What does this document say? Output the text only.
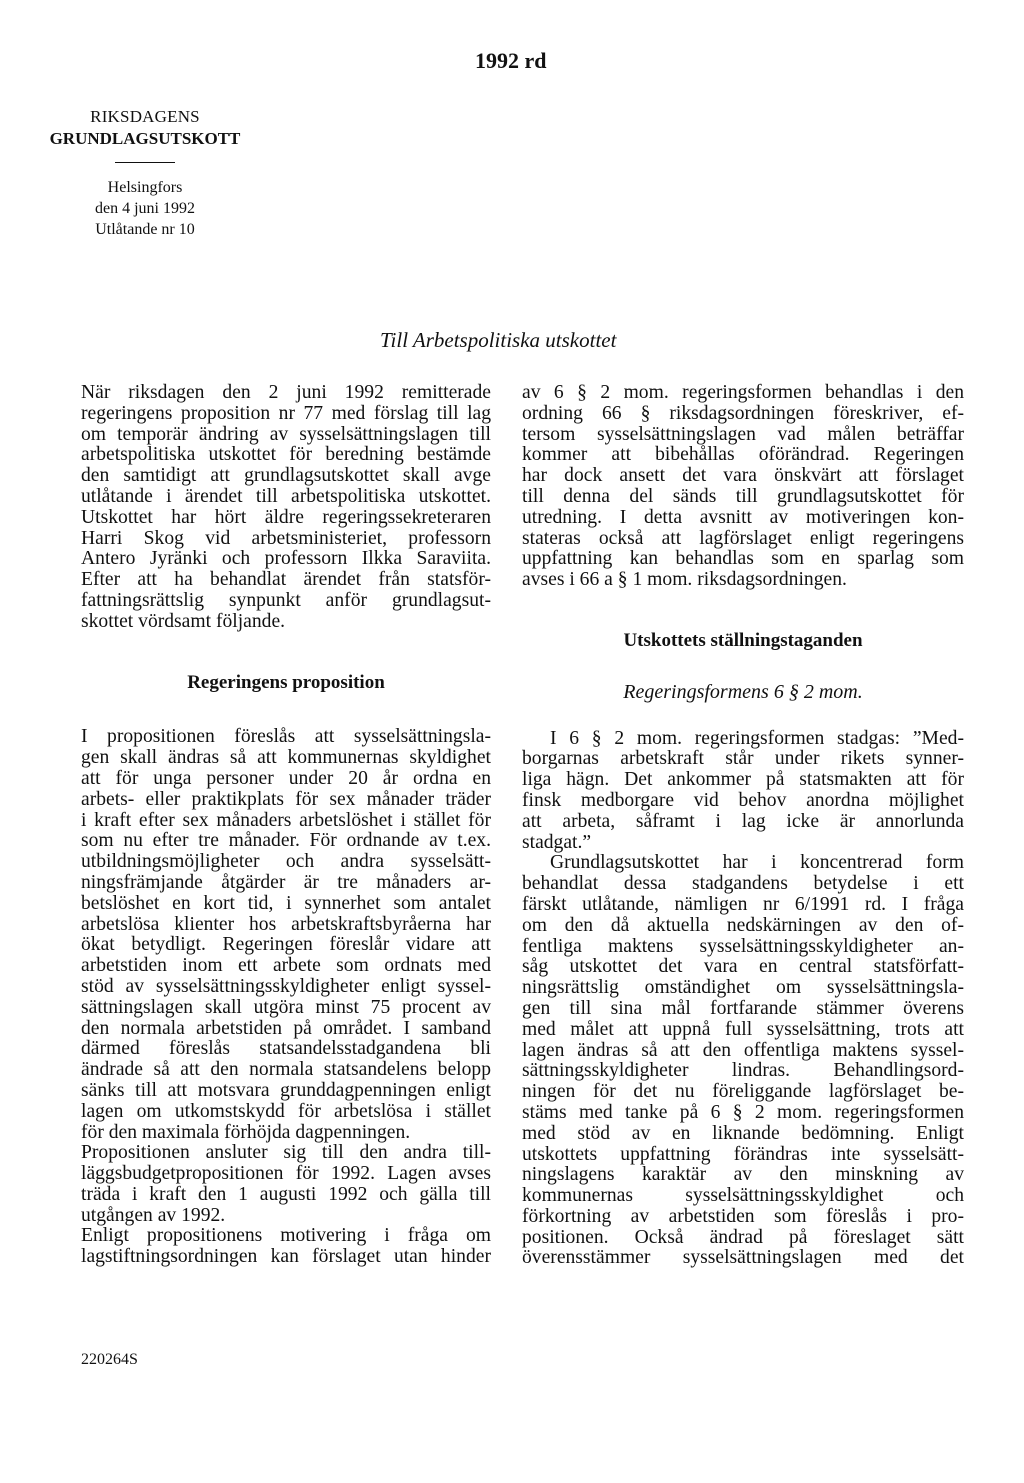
1992 rd
RIKSDAGENS
GRUNDLAGSUTSKOTT
Helsingfors
den 4 juni 1992
Utlåtande nr 10
Till Arbetspolitiska utskottet

När riksdagen den 2 juni 1992 remitterade
regeringens proposition nr 77 med förslag till lag
om temporär ändring av sysselsättningslagen till
arbetspolitiska utskottet för beredning bestämde
den samtidigt att grundlagsutskottet skall avge
utlåtande i ärendet till arbetspolitiska utskottet.

Utskottet har hört äldre regeringssekreteraren
Harri Skog vid arbetsministeriet, professorn
Antero Jyränki och professorn Ilkka Saraviita.

Efter att ha behandlat ärendet från statsför-
fattningsrättslig synpunkt anför grundlagsut-
skottet vördsamt följande.

Regeringens proposition

I propositionen föreslås att sysselsättningsla-
gen skall ändras så att kommunernas skyldighet
att för unga personer under 20 år ordna en
arbets- eller praktikplats för sex månader träder
i kraft efter sex månaders arbetslöshet i stället för
som nu efter tre månader. För ordnande av t.ex.
utbildningsmöjligheter och andra sysselsätt-
ningsfrämjande åtgärder är tre månaders ar-
betslöshet en kort tid, i synnerhet som antalet
arbetslösa klienter hos arbetskraftsbyråerna har
ökat betydligt. Regeringen föreslår vidare att
arbetstiden inom ett arbete som ordnats med
stöd av sysselsättningsskyldigheter enligt syssel-
sättningslagen skall utgöra minst 75 procent av
den normala arbetstiden på området. I samband
därmed föreslås statsandelsstadgandena bli
ändrade så att den normala statsandelens belopp
sänks till att motsvara grunddagpenningen enligt
lagen om utkomstskydd för arbetslösa i stället
för den maximala förhöjda dagpenningen.

Propositionen ansluter sig till den andra till-
läggsbudgetpropositionen för 1992. Lagen avses
träda i kraft den 1 augusti 1992 och gälla till
utgången av 1992.

Enligt propositionens motivering i fråga om
lagstiftningsordningen kan förslaget utan hinder

av 6 § 2 mom. regeringsformen behandlas i den
ordning 66 § riksdagsordningen föreskriver, ef-
tersom sysselsättningslagen vad målen beträffar
kommer att bibehållas oförändrad. Regeringen
har dock ansett det vara önskvärt att förslaget
till denna del sänds till grundlagsutskottet för
utredning. I detta avsnitt av motiveringen kon-
stateras också att lagförslaget enligt regeringens
uppfattning kan behandlas som en sparlag som
avses i 66 a § 1 mom. riksdagsordningen.

Utskottets ställningstaganden
Regeringsformens 6 § 2 mom.

I 6 § 2 mom. regeringsformen stadgas: ”Med-

borgarnas arbetskraft står under rikets synner-
liga hägn. Det ankommer på statsmakten att för
finsk medborgare vid behov anordna möjlighet
att arbeta, såframt i lag icke är annorlunda
stadgat.”

Grundlagsutskottet har i koncentrerad form

behandlat dessa stadgandens betydelse i ett
färskt utlåtande, nämligen nr 6/1991 rd. I fråga
om den då aktuella nedskärningen av den of-
fentliga maktens sysselsättningsskyldigheter an-
såg utskottet det vara en central statsförfatt-
ningsrättslig omständighet om sysselsättningsla-
gen till sina mål fortfarande stämmer överens
med målet att uppnå full sysselsättning, trots att
lagen ändras så att den offentliga maktens syssel-
sättningsskyldigheter lindras. Behandlingsord-
ningen för det nu föreliggande lagförslaget be-
stäms med tanke på 6 § 2 mom. regeringsformen
med stöd av en liknande bedömning. Enligt
utskottets uppfattning förändras inte sysselsätt-
ningslagens karaktär av den minskning av
kommunernas sysselsättningsskyldighet och
förkortning av arbetstiden som föreslås i pro-
positionen. Också ändrad på föreslaget sätt
överensstämmer sysselsättningslagen med det

220264S
